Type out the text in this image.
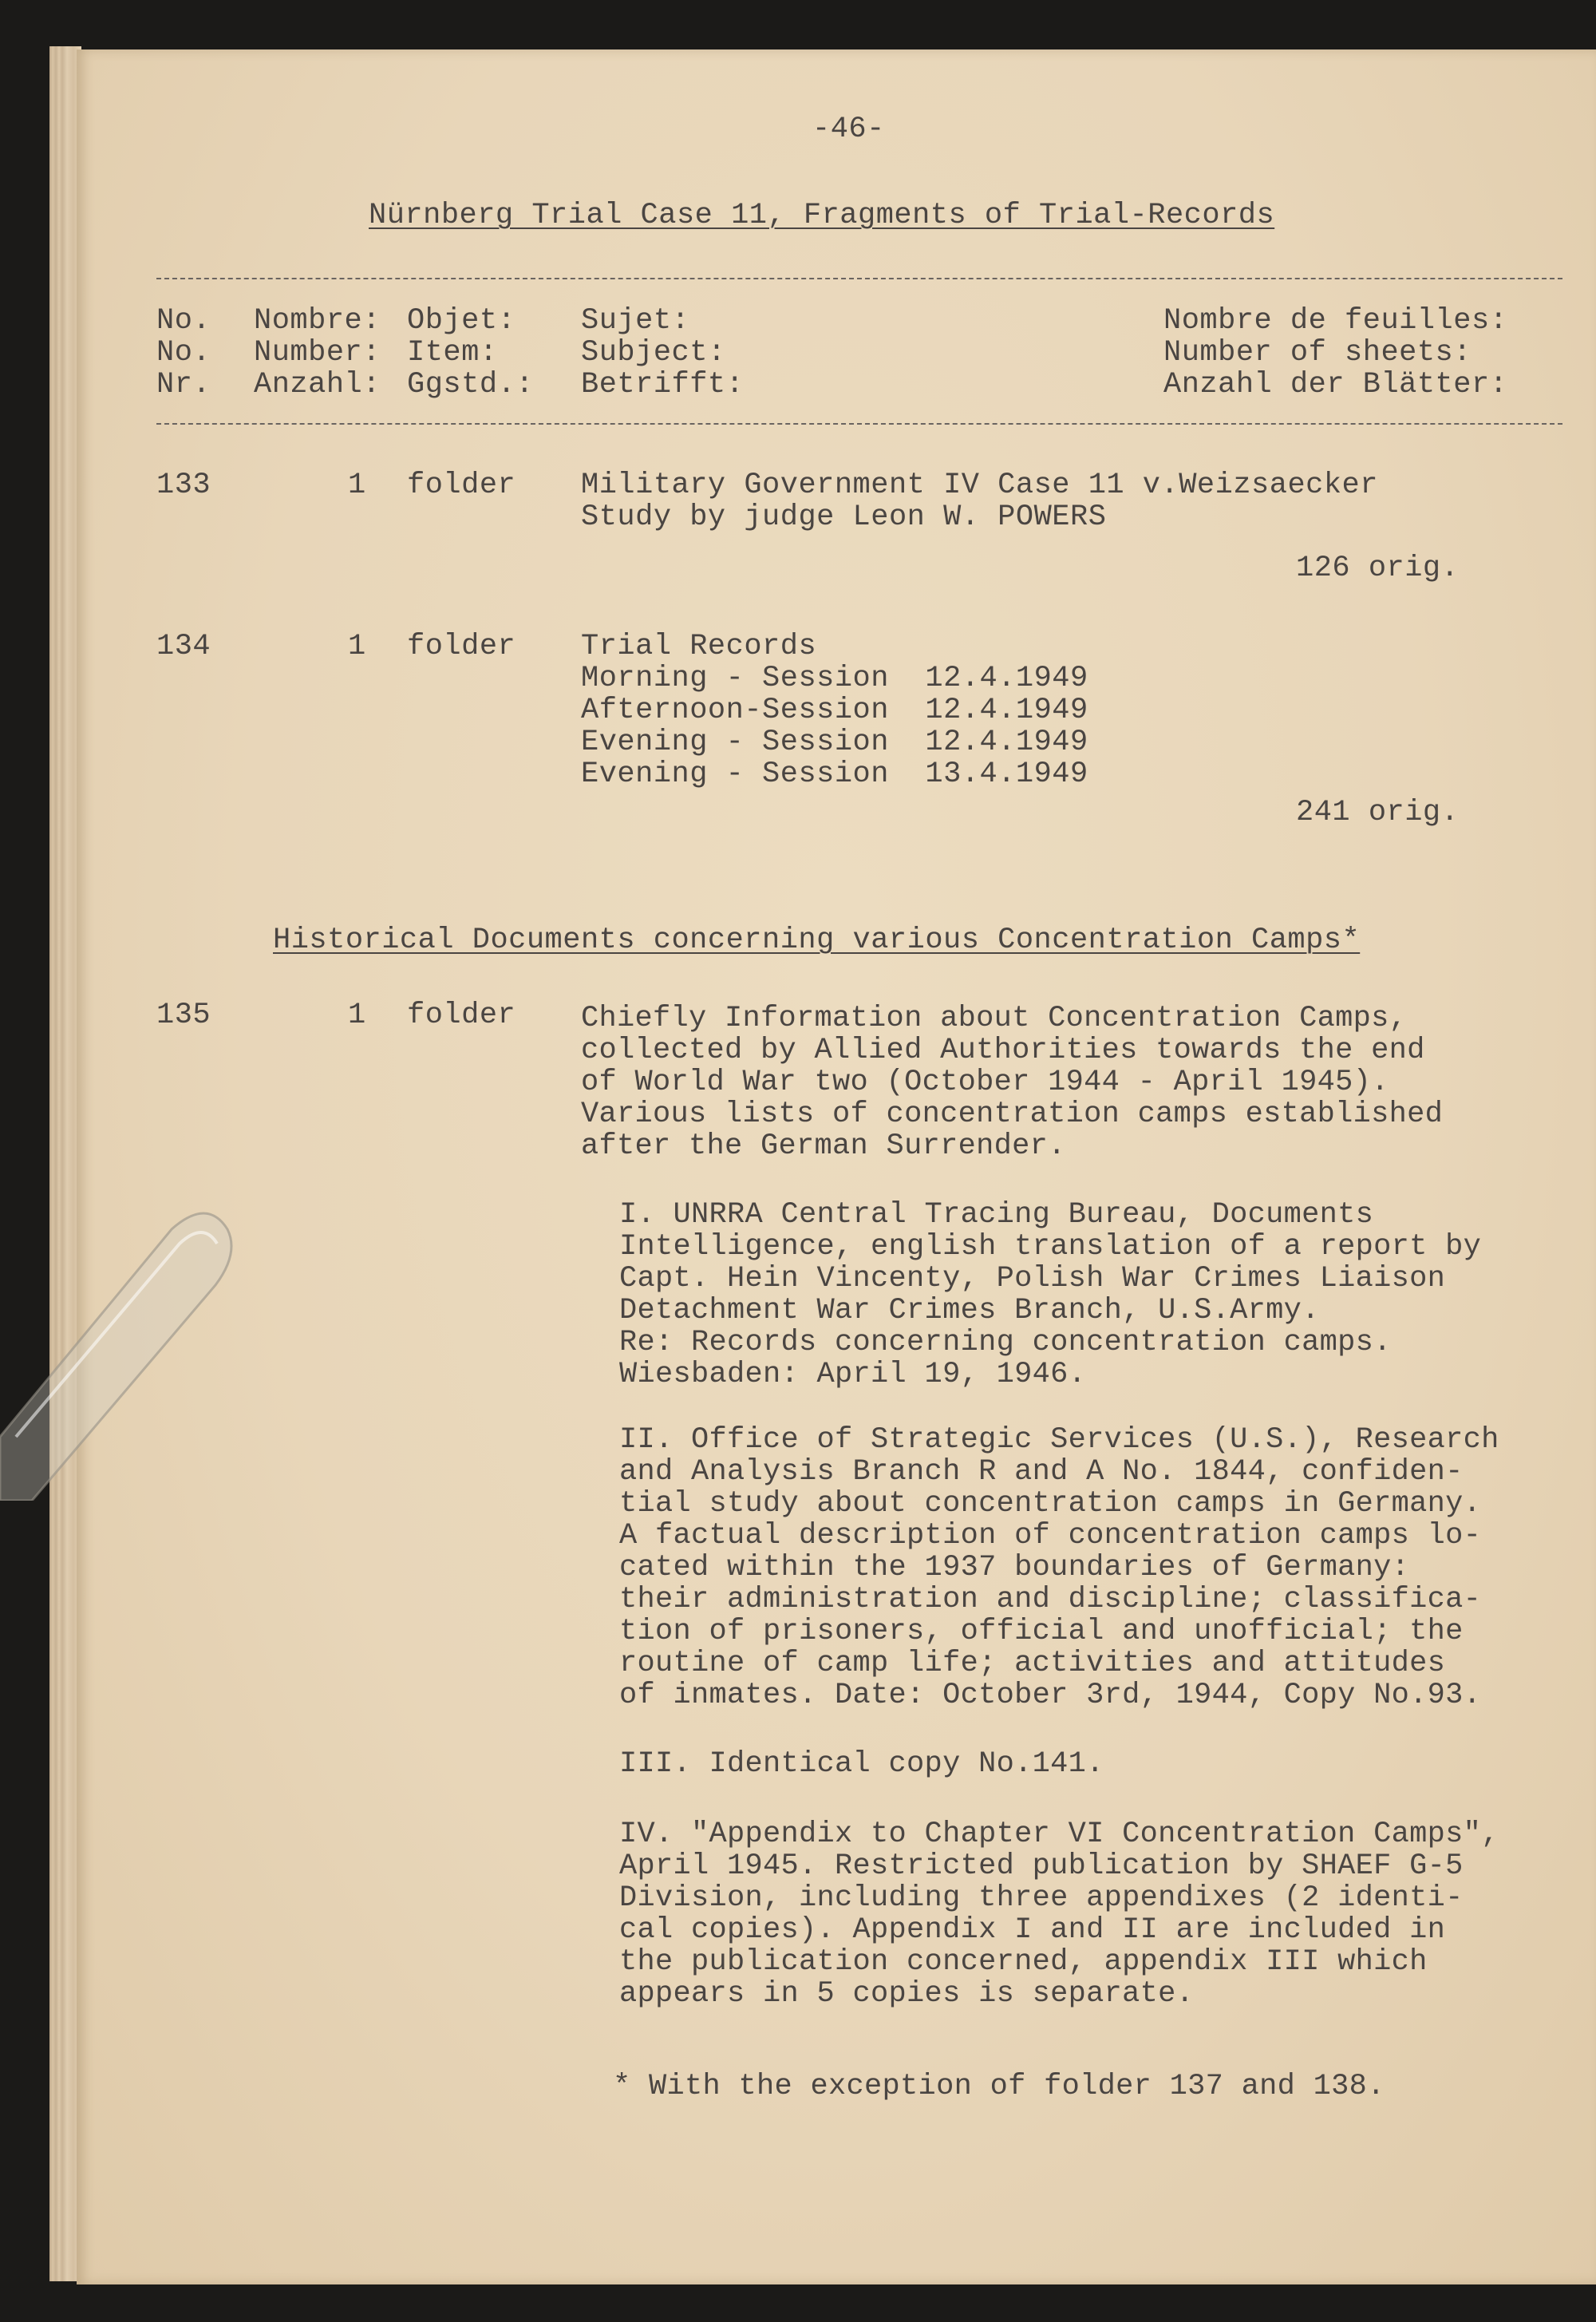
-46-
Nürnberg Trial Case 11, Fragments of Trial-Records
No. Nombre: Objet: Sujet:	Nombre de feuilles:
No. Number: Item:	Subject:	Number of sheets:
Nr. Anzahl: Ggstd.: Betrifft:	Anzahl der Blätter:
133	1 folder Military Government IV Case 11 v.Weizsaecker
Study by judge Leon W. POWERS
126 orig.
134	1 folder Trial Records
Morning - Session  12.4.1949
Afternoon-Session  12.4.1949
Evening - Session  12.4.1949
Evening - Session  13.4.1949
241 orig.
Historical Documents concerning various Concentration Camps*
135	1 folder Chiefly Information about Concentration Camps,
collected by Allied Authorities towards the end
of World War two (October 1944 - April 1945).
Various lists of concentration camps established
after the German Surrender.
I. UNRRA Central Tracing Bureau, Documents
Intelligence, english translation of a report by
Capt. Hein Vincenty, Polish War Crimes Liaison
Detachment War Crimes Branch, U.S.Army.
Re: Records concerning concentration camps.
Wiesbaden: April 19, 1946.
II. Office of Strategic Services (U.S.), Research
and Analysis Branch R and A No. 1844, confiden-
tial study about concentration camps in Germany.
A factual description of concentration camps lo-
cated within the 1937 boundaries of Germany:
their administration and discipline; classifica-
tion of prisoners, official and unofficial; the
routine of camp life; activities and attitudes
of inmates. Date: October 3rd, 1944, Copy No.93.
III. Identical copy No.141.
IV. "Appendix to Chapter VI Concentration Camps",
April 1945. Restricted publication by SHAEF G-5
Division, including three appendixes (2 identi-
cal copies). Appendix I and II are included in
the publication concerned, appendix III which
appears in 5 copies is separate.
* With the exception of folder 137 and 138.
